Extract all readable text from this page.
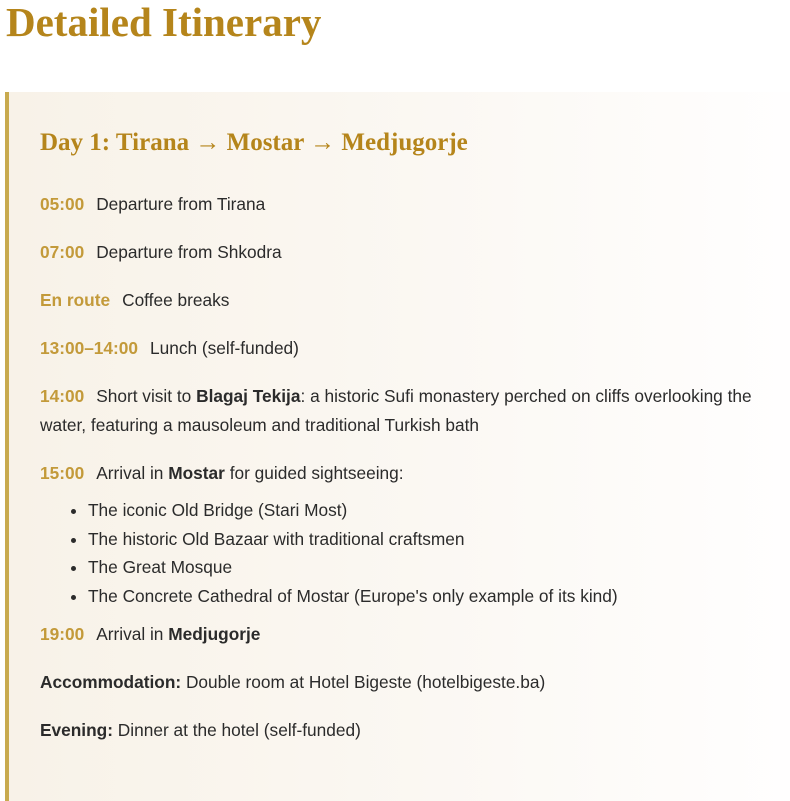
Detailed Itinerary
Day 1: Tirana → Mostar → Medjugorje

05:00 Departure from Tirana

07:00 Departure from Shkodra

En route Coffee breaks

13:00–14:00 Lunch (self-funded)

14:00 Short visit to Blagaj Tekija: a historic Sufi monastery perched on cliffs overlooking the water, featuring a mausoleum and traditional Turkish bath

15:00 Arrival in Mostar for guided sightseeing:

• The iconic Old Bridge (Stari Most)
• The historic Old Bazaar with traditional craftsmen
• The Great Mosque
• The Concrete Cathedral of Mostar (Europe's only example of its kind)

19:00 Arrival in Medjugorje

Accommodation: Double room at Hotel Bigeste (hotelbigeste.ba)

Evening: Dinner at the hotel (self-funded)
